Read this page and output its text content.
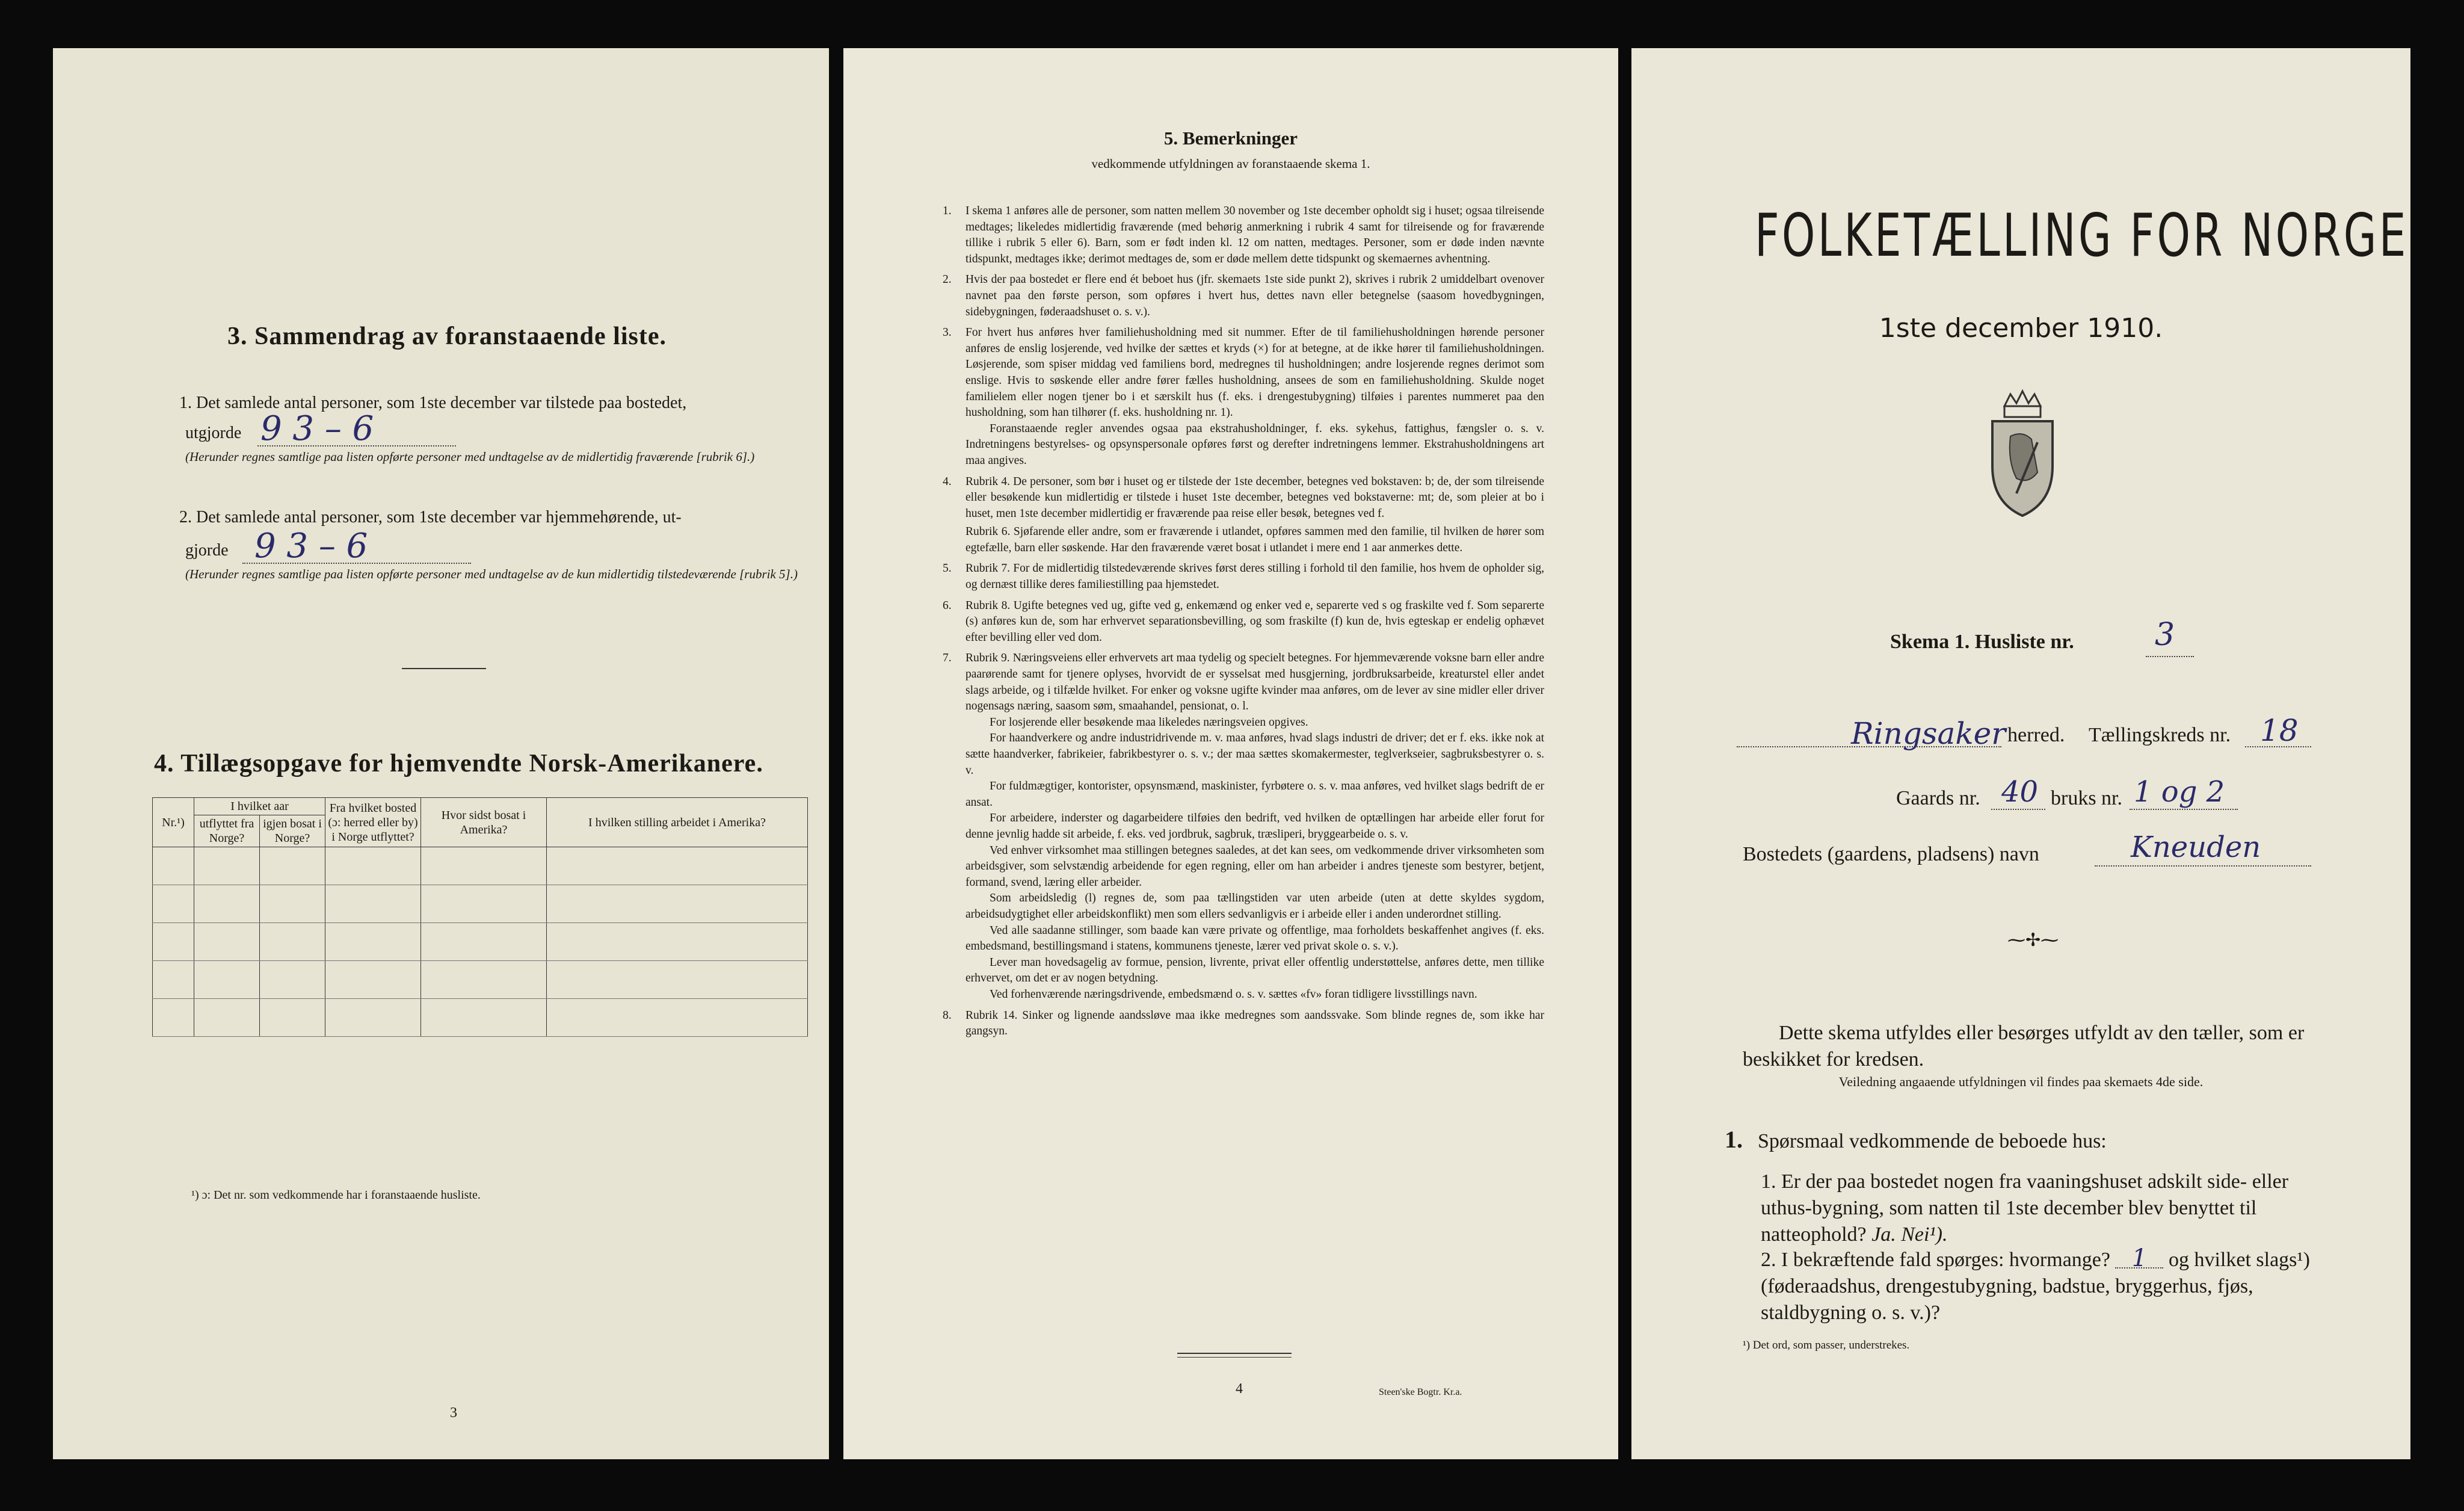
3. Sammendrag av foranstaaende liste.
1. Det samlede antal personer, som 1ste december var tilstede paa bostedet,
utgjorde 9 3 – 6
(Herunder regnes samtlige paa listen opførte personer med undtagelse av de midlertidig fraværende [rubrik 6].)
2. Det samlede antal personer, som 1ste december var hjemmehørende, ut-
gjorde 9 3 – 6
(Herunder regnes samtlige paa listen opførte personer med undtagelse av de kun midlertidig tilstedeværende [rubrik 5].)
4. Tillægsopgave for hjemvendte Norsk-Amerikanere.
Nr.¹)	I hvilket aar		Fra hvilket bosted (ɔ: herred eller by) i Norge utflyttet?	Hvor sidst bosat i Amerika?	I hvilken stilling arbeidet i Amerika?
	utflyttet fra Norge?	igjen bosat i Norge?			

¹) ɔ: Det nr. som vedkommende har i foranstaaende husliste.
3
5. Bemerkninger
vedkommende utfyldningen av foranstaaende skema 1.

1.	I skema 1 anføres alle de personer, som natten mellem 30 november og 1ste december opholdt sig i huset; ogsaa tilreisende medtages; likeledes midlertidig fraværende (med behørig anmerkning i rubrik 4 samt for tilreisende og for fraværende tillike i rubrik 5 eller 6). Barn, som er født inden kl. 12 om natten, medtages. Personer, som er døde inden nævnte tidspunkt, medtages ikke; derimot medtages de, som er døde mellem dette tidspunkt og skemaernes avhentning.

2.	Hvis der paa bostedet er flere end ét beboet hus (jfr. skemaets 1ste side punkt 2), skrives i rubrik 2 umiddelbart ovenover navnet paa den første person, som opføres i hvert hus, dettes navn eller betegnelse (saasom hovedbygningen, sidebygningen, føderaadshuset o. s. v.).

3.	For hvert hus anføres hver familiehusholdning med sit nummer. Efter de til familiehusholdningen hørende personer anføres de enslig losjerende, ved hvilke der sættes et kryds (×) for at betegne, at de ikke hører til familiehusholdningen. Løsjerende, som spiser middag ved familiens bord, medregnes til husholdningen; andre losjerende regnes derimot som enslige. Hvis to søskende eller andre fører fælles husholdning, ansees de som en familiehusholdning. Skulde noget familielem eller nogen tjener bo i et særskilt hus (f. eks. i drengestubygning) tilføies i parentes nummeret paa den husholdning, som han tilhører (f. eks. husholdning nr. 1).

Foranstaaende regler anvendes ogsaa paa ekstrahusholdninger, f. eks. sykehus, fattighus, fængsler o. s. v. Indretningens bestyrelses- og opsynspersonale opføres først og derefter indretningens lemmer. Ekstrahusholdningens art maa angives.

4.	Rubrik 4. De personer, som bør i huset og er tilstede der 1ste december, betegnes ved bokstaven: b; de, der som tilreisende eller besøkende kun midlertidig er tilstede i huset 1ste december, betegnes ved bokstaverne: mt; de, som pleier at bo i huset, men 1ste december midlertidig er fraværende paa reise eller besøk, betegnes ved f.

Rubrik 6. Sjøfarende eller andre, som er fraværende i utlandet, opføres sammen med den familie, til hvilken de hører som egtefælle, barn eller søskende. Har den fraværende været bosat i utlandet i mere end 1 aar anmerkes dette.

5.	Rubrik 7. For de midlertidig tilstedeværende skrives først deres stilling i forhold til den familie, hos hvem de opholder sig, og dernæst tillike deres familiestilling paa hjemstedet.

6.	Rubrik 8. Ugifte betegnes ved ug, gifte ved g, enkemænd og enker ved e, separerte ved s og fraskilte ved f. Som separerte (s) anføres kun de, som har erhvervet separationsbevilling, og som fraskilte (f) kun de, hvis egteskap er endelig ophævet efter bevilling eller ved dom.

7.	Rubrik 9. Næringsveiens eller erhvervets art maa tydelig og specielt betegnes. For hjemmeværende voksne barn eller andre paarørende samt for tjenere oplyses, hvorvidt de er sysselsat med husgjerning, jordbruksarbeide, kreaturstel eller andet slags arbeide, og i tilfælde hvilket. For enker og voksne ugifte kvinder maa anføres, om de lever av sine midler eller driver nogensags næring, saasom søm, smaahandel, pensionat, o. l.

For losjerende eller besøkende maa likeledes næringsveien opgives.

For haandverkere og andre industridrivende m. v. maa anføres, hvad slags industri de driver; det er f. eks. ikke nok at sætte haandverker, fabrikeier, fabrikbestyrer o. s. v.; der maa sættes skomakermester, teglverkseier, sagbruksbestyrer o. s. v.

For fuldmægtiger, kontorister, opsynsmænd, maskinister, fyrbøtere o. s. v. maa anføres, ved hvilket slags bedrift de er ansat.

For arbeidere, inderster og dagarbeidere tilføies den bedrift, ved hvilken de optællingen har arbeide eller forut for denne jevnlig hadde sit arbeide, f. eks. ved jordbruk, sagbruk, træsliperi, bryggearbeide o. s. v.

Ved enhver virksomhet maa stillingen betegnes saaledes, at det kan sees, om vedkommende driver virksomheten som arbeidsgiver, som selvstændig arbeidende for egen regning, eller om han arbeider i andres tjeneste som bestyrer, betjent, formand, svend, læring eller arbeider.

Som arbeidsledig (l) regnes de, som paa tællingstiden var uten arbeide (uten at dette skyldes sygdom, arbeidsudygtighet eller arbeidskonflikt) men som ellers sedvanligvis er i arbeide eller i anden underordnet stilling.

Ved alle saadanne stillinger, som baade kan være private og offentlige, maa forholdets beskaffenhet angives (f. eks. embedsmand, bestillingsmand i statens, kommunens tjeneste, lærer ved privat skole o. s. v.).

Lever man hovedsagelig av formue, pension, livrente, privat eller offentlig understøttelse, anføres dette, men tillike erhvervet, om det er av nogen betydning.

Ved forhenværende næringsdrivende, embedsmænd o. s. v. sættes «fv» foran tidligere livsstillings navn.

8.	Rubrik 14. Sinker og lignende aandssløve maa ikke medregnes som aandssvake. Som blinde regnes de, som ikke har gangsyn.

4	Steen'ske Bogtr. Kr.a.
FOLKETÆLLING FOR NORGE
1ste december 1910.
Skema 1. Husliste nr.	3
Ringsaker herred. Tællingskreds nr. 18
Gaards nr. 40 bruks nr. 1 og 2
Bostedets (gaardens, pladsens) navn	Kneuden
⁓✢⁓
Dette skema utfyldes eller besørges utfyldt av den tæller, som er beskikket for kredsen.
Veiledning angaaende utfyldningen vil findes paa skemaets 4de side.
1. Spørsmaal vedkommende de beboede hus:
1. Er der paa bostedet nogen fra vaaningshuset adskilt side- eller uthus-bygning, som natten til 1ste december blev benyttet til natteophold? Ja. Nei¹).
2. I bekræftende fald spørges: hvormange? 1 og hvilket slags¹) (føderaadshus, drengestubygning, badstue, bryggerhus, fjøs, staldbygning o. s. v.)?
¹) Det ord, som passer, understrekes.
